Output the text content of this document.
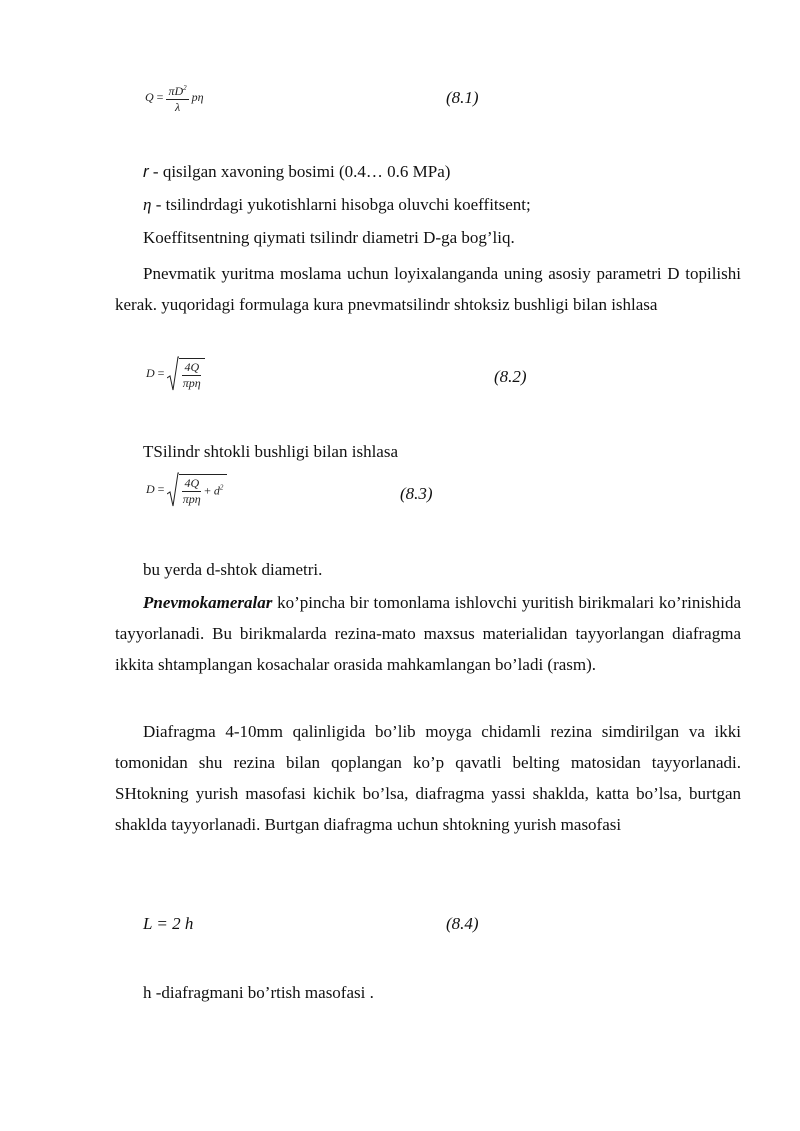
$Q = \frac{\pi D^2}{\lambda}$ pη	(8.1)
r - qisilgan xavoning bosimi (0.4… 0.6 MPa)
η - tsilindrdagi yukotishlarni hisobga oluvchi koeffitsent;
Koeffitsentning qiymati tsilindr diametri D-ga bog’liq.

Pnevmatik yuritma moslama uchun loyixalanganda uning asosiy parametri D topilishi kerak. yuqoridagi formulaga kura pnevmatsilindr shtoksiz bushligi bilan ishlasa

$D = \frac{4Q}{\text{πpη}}$	(8.2)
TSilindr shtokli bushligi bilan ishlasa
$D = \frac{4Q}{\text{πpη}} + d^2$	(8.3)
bu yerda d-shtok diametri.

Pnevmokameralar ko’pincha bir tomonlama ishlovchi yuritish birikmalari ko’rinishida tayyorlanadi. Bu birikmalarda rezina-mato maxsus materialidan tayyorlangan diafragma ikkita shtamplangan kosachalar orasida mahkamlangan bo’ladi (rasm).

Diafragma 4-10mm qalinligida bo’lib moyga chidamli rezina simdirilgan va ikki tomonidan shu rezina bilan qoplangan ko’p qavatli belting matosidan tayyorlanadi. SHtokning yurish masofasi kichik bo’lsa, diafragma yassi shaklda, katta bo’lsa, burtgan shaklda tayyorlanadi. Burtgan diafragma uchun shtokning yurish masofasi

L = 2 h	(8.4)
h -diafragmani bo’rtish masofasi .
